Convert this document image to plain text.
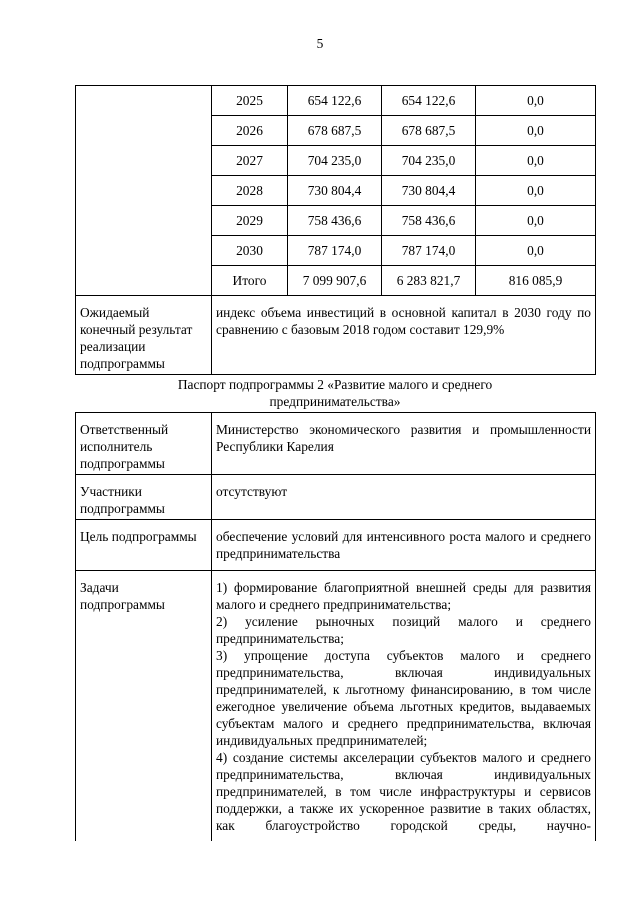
5
	2025	654 122,6	654 122,6	0,0
	2026	678 687,5	678 687,5	0,0
	2027	704 235,0	704 235,0	0,0
	2028	730 804,4	730 804,4	0,0
	2029	758 436,6	758 436,6	0,0
	2030	787 174,0	787 174,0	0,0
	Итого	7 099 907,6	6 283 821,7	816 085,9
Ожидаемый конечный результат реализации подпрограммы	индекс объема инвестиций в основной капитал в 2030 году по сравнению с базовым 2018 годом составит 129,9%			
Паспорт подпрограммы 2 «Развитие малого и среднего предпринимательства»
Ответственный исполнитель подпрограммы	Министерство экономического развития и промышленности Республики Карелия
Участники подпрограммы	отсутствуют
Цель подпрограммы	обеспечение условий для интенсивного роста малого и среднего предпринимательства
Задачи подпрограммы	1) формирование благоприятной внешней среды для развития малого и среднего предпринимательства;

2) усиление рыночных позиций малого и среднего предпринимательства;

3) упрощение доступа субъектов малого и среднего предпринимательства, включая индивидуальных предпринимателей, к льготному финансированию, в том числе ежегодное увеличение объема льготных кредитов, выдаваемых субъектам малого и среднего предпринимательства, включая индивидуальных предпринимателей;

4) создание системы акселерации субъектов малого и среднего предпринимательства, включая индивидуальных предпринимателей, в том числе инфраструктуры и сервисов поддержки, а также их ускоренное развитие в таких областях, как благоустройство городской среды, научно-
